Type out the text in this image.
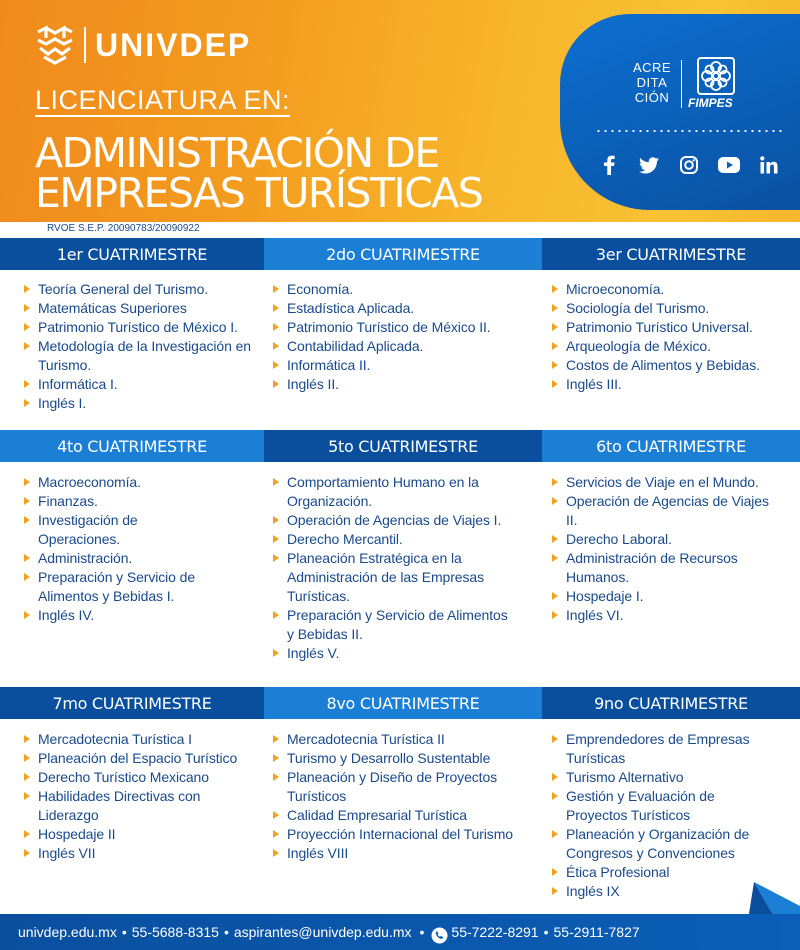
UNIVDEP
LICENCIATURA EN:
ADMINISTRACIÓN DE
EMPRESAS TURÍSTICAS
ACRE
DITA
CIÓN	FIMPES
RVOE S.E.P. 20090783/20090922
1er CUATRIMESTRE	2do CUATRIMESTRE	3er CUATRIMESTRE
Teoría General del Turismo.
Matemáticas Superiores
Patrimonio Turístico de México I.
Metodología de la Investigación en Turismo.
Informática I.
Inglés I.
Economía.
Estadística Aplicada.
Patrimonio Turístico de México II.
Contabilidad Aplicada.
Informática II.
Inglés II.
Microeconomía.
Sociología del Turismo.
Patrimonio Turístico Universal.
Arqueología de México.
Costos de Alimentos y Bebidas.
Inglés III.
4to CUATRIMESTRE	5to CUATRIMESTRE	6to CUATRIMESTRE
Macroeconomía.
Finanzas.
Investigación de Operaciones.
Administración.
Preparación y Servicio de Alimentos y Bebidas I.
Inglés IV.
Comportamiento Humano en la Organización.
Operación de Agencias de Viajes I.
Derecho Mercantil.
Planeación Estratégica en la Administración de las Empresas Turísticas.
Preparación y Servicio de Alimentos y Bebidas II.
Inglés V.
Servicios de Viaje en el Mundo.
Operación de Agencias de Viajes II.
Derecho Laboral.
Administración de Recursos Humanos.
Hospedaje I.
Inglés VI.
7mo CUATRIMESTRE	8vo CUATRIMESTRE	9no CUATRIMESTRE
Mercadotecnia Turística I
Planeación del Espacio Turístico
Derecho Turístico Mexicano
Habilidades Directivas con Liderazgo
Hospedaje II
Inglés VII
Mercadotecnia Turística II
Turismo y Desarrollo Sustentable
Planeación y Diseño de Proyectos Turísticos
Calidad Empresarial Turística
Proyección Internacional del Turismo
Inglés VIII
Emprendedores de Empresas Turísticas
Turismo Alternativo
Gestión y Evaluación de Proyectos Turísticos
Planeación y Organización de Congresos y Convenciones
Ética Profesional
Inglés IX
univdep.edu.mx • 55-5688-8315 • aspirantes@univdep.edu.mx • 55-7222-8291 • 55-2911-7827
